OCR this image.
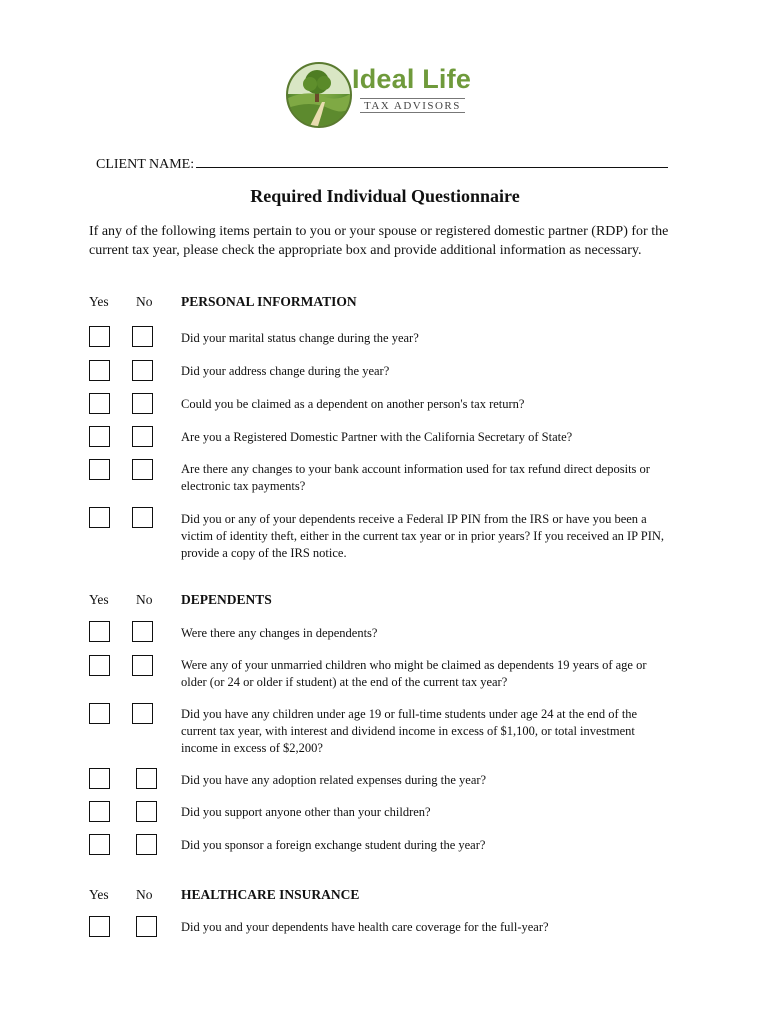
Ideal Life
TAX ADVISORS
CLIENT NAME:
Required Individual Questionnaire
If any of the following items pertain to you or your spouse or registered domestic partner (RDP) for the current tax year, please check the appropriate box and provide additional information as necessary.
Yes No PERSONAL INFORMATION
Did your marital status change during the year?
Did your address change during the year?
Could you be claimed as a dependent on another person's tax return?
Are you a Registered Domestic Partner with the California Secretary of State?
Are there any changes to your bank account information used for tax refund direct deposits or electronic tax payments?
Did you or any of your dependents receive a Federal IP PIN from the IRS or have you been a victim of identity theft, either in the current tax year or in prior years? If you received an IP PIN, provide a copy of the IRS notice.
Yes No DEPENDENTS
Were there any changes in dependents?
Were any of your unmarried children who might be claimed as dependents 19 years of age or older (or 24 or older if student) at the end of the current tax year?
Did you have any children under age 19 or full-time students under age 24 at the end of the current tax year, with interest and dividend income in excess of $1,100, or total investment income in excess of $2,200?
Did you have any adoption related expenses during the year?
Did you support anyone other than your children?
Did you sponsor a foreign exchange student during the year?
Yes No HEALTHCARE INSURANCE
Did you and your dependents have health care coverage for the full-year?
